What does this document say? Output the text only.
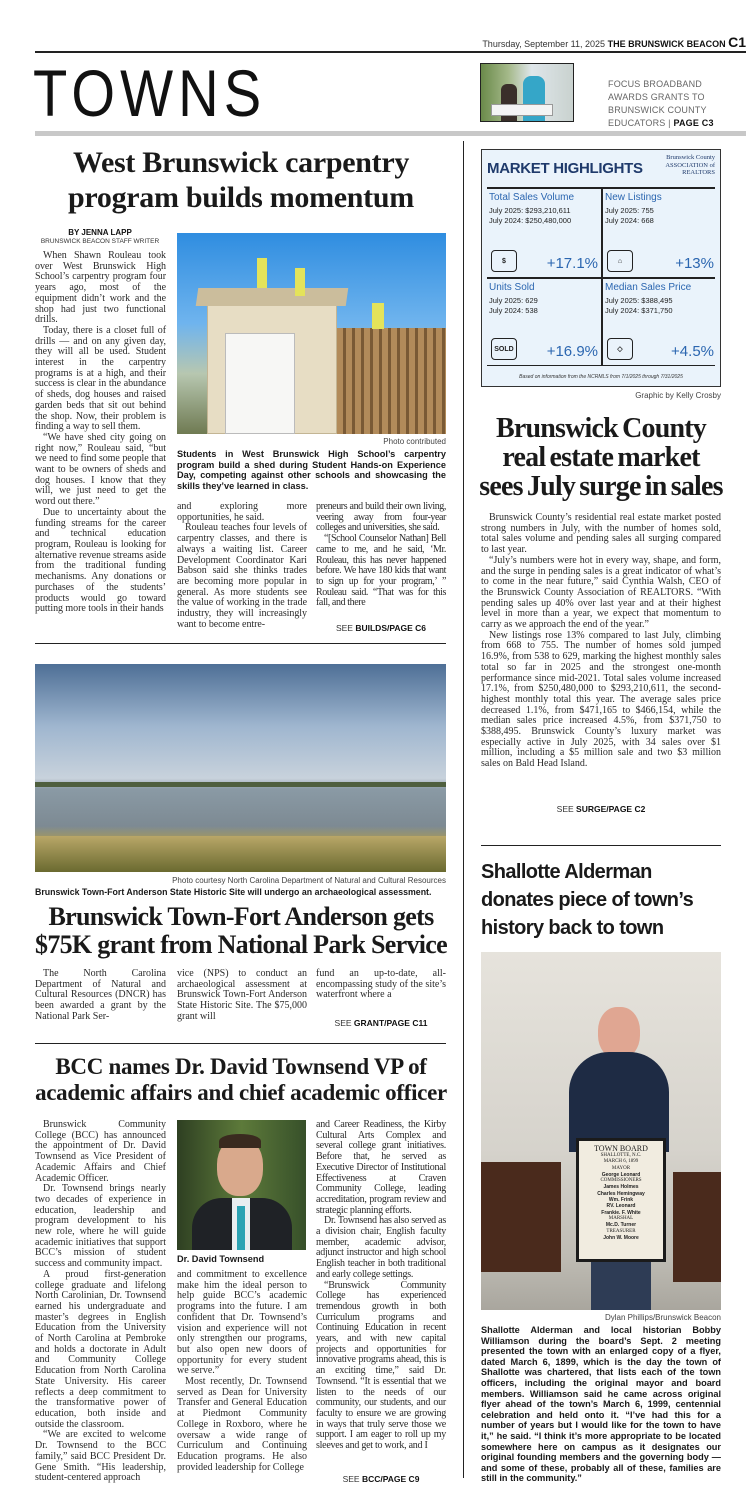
Thursday, September 11, 2025 THE BRUNSWICK BEACON C1
TOWNS	FOCUS BROADBAND AWARDS GRANTS TO BRUNSWICK COUNTY EDUCATORS | PAGE C3
West Brunswick carpentry program builds momentum
BY JENNA LAPP
BRUNSWICK BEACON STAFF WRITER

When Shawn Rouleau took over West Brunswick High School’s carpentry program four years ago, most of the equipment didn’t work and the shop had just two functional drills.

Today, there is a closet full of drills — and on any given day, they will all be used. Student interest in the carpentry programs is at a high, and their success is clear in the abundance of sheds, dog houses and raised garden beds that sit out behind the shop. Now, their problem is finding a way to sell them.

“We have shed city going on right now,” Rouleau said, “but we need to find some people that want to be owners of sheds and dog houses. I know that they will, we just need to get the word out there.”

Due to uncertainty about the funding streams for the career and technical education program, Rouleau is looking for alternative revenue streams aside from the traditional funding mechanisms. Any donations or purchases of the students’ products would go toward putting more tools in their hands

Photo contributed
Students in West Brunswick High School’s carpentry program build a shed during Student Hands-on Experience Day, competing against other schools and showcasing the skills they’ve learned in class.

and exploring more opportunities, he said.

Rouleau teaches four levels of carpentry classes, and there is always a waiting list. Career Development Coordinator Kari Babson said she thinks trades are becoming more popular in general. As more students see the value of working in the trade industry, they will increasingly want to become entre-

preneurs and build their own living, veering away from four-year colleges and universities, she said.

“[School Counselor Nathan] Bell came to me, and he said, ‘Mr. Rouleau, this has never happened before. We have 180 kids that want to sign up for your program,’ ” Rouleau said. “That was for this fall, and there

SEE BUILDS/PAGE C6
Photo courtesy North Carolina Department of Natural and Cultural Resources
Brunswick Town-Fort Anderson State Historic Site will undergo an archaeological assessment.
Brunswick Town-Fort Anderson gets $75K grant from National Park Service

The North Carolina Department of Natural and Cultural Resources (DNCR) has been awarded a grant by the National Park Ser-

vice (NPS) to conduct an archaeological assessment at Brunswick Town-Fort Anderson State Historic Site. The $75,000 grant will

fund an up-to-date, all-encompassing study of the site’s waterfront where a

SEE GRANT/PAGE C11
BCC names Dr. David Townsend VP of academic affairs and chief academic officer

Brunswick Community College (BCC) has announced the appointment of Dr. David Townsend as Vice President of Academic Affairs and Chief Academic Officer.

Dr. Townsend brings nearly two decades of experience in education, leadership and program development to his new role, where he will guide academic initiatives that support BCC’s mission of student success and community impact.

A proud first-generation college graduate and lifelong North Carolinian, Dr. Townsend earned his undergraduate and master’s degrees in English Education from the University of North Carolina at Pembroke and holds a doctorate in Adult and Community College Education from North Carolina State University. His career reflects a deep commitment to the transformative power of education, both inside and outside the classroom.

“We are excited to welcome Dr. Townsend to the BCC family,” said BCC President Dr. Gene Smith. “His leadership, student-centered approach

Dr. David Townsend

and commitment to excellence make him the ideal person to help guide BCC’s academic programs into the future. I am confident that Dr. Townsend’s vision and experience will not only strengthen our programs, but also open new doors of opportunity for every student we serve.”

Most recently, Dr. Townsend served as Dean for University Transfer and General Education at Piedmont Community College in Roxboro, where he oversaw a wide range of Curriculum and Continuing Education programs. He also provided leadership for College

and Career Readiness, the Kirby Cultural Arts Complex and several college grant initiatives. Before that, he served as Executive Director of Institutional Effectiveness at Craven Community College, leading accreditation, program review and strategic planning efforts.

Dr. Townsend has also served as a division chair, English faculty member, academic advisor, adjunct instructor and high school English teacher in both traditional and early college settings.

“Brunswick Community College has experienced tremendous growth in both Curriculum programs and Continuing Education in recent years, and with new capital projects and opportunities for innovative programs ahead, this is an exciting time,” said Dr. Townsend. “It is essential that we listen to the needs of our community, our students, and our faculty to ensure we are growing in ways that truly serve those we support. I am eager to roll up my sleeves and get to work, and I

SEE BCC/PAGE C9
MARKET HIGHLIGHTS
Brunswick County ASSOCIATION of REALTORS
Total Sales Volume
July 2025: $293,210,611
July 2024: $250,480,000
$	+17.1%
New Listings
July 2025: 755
July 2024: 668
⌂	+13%
Units Sold
July 2025: 629
July 2024: 538
SOLD +16.9%
Median Sales Price
July 2025: $388,495
July 2024: $371,750
◇	+4.5%
Based on information from the NCRMLS from 7/1/2025 through 7/31/2025
Graphic by Kelly Crosby
Brunswick County real estate market sees July surge in sales

Brunswick County’s residential real estate market posted strong numbers in July, with the number of homes sold, total sales volume and pending sales all surging compared to last year.

“July’s numbers were hot in every way, shape, and form, and the surge in pending sales is a great indicator of what’s to come in the near future,” said Cynthia Walsh, CEO of the Brunswick County Association of REALTORS. “With pending sales up 40% over last year and at their highest level in more than a year, we expect that momentum to carry as we approach the end of the year.”

New listings rose 13% compared to last July, climbing from 668 to 755. The number of homes sold jumped 16.9%, from 538 to 629, marking the highest monthly sales total so far in 2025 and the strongest one-month performance since mid-2021. Total sales volume increased 17.1%, from $250,480,000 to $293,210,611, the second-highest monthly total this year. The average sales price decreased 1.1%, from $471,165 to $466,154, while the median sales price increased 4.5%, from $371,750 to $388,495. Brunswick County’s luxury market was especially active in July 2025, with 34 sales over $1 million, including a $5 million sale and two $3 million sales on Bald Head Island.

SEE SURGE/PAGE C2
Shallotte Alderman donates piece of town’s history back to town
TOWN BOARD
SHALLOTTE, N.C.
MARCH 6, 1899
MAYOR
George Leonard
COMMISSIONERS
James Holmes
Charles Hemingway
Wm. Frink
RV. Leonard
Frankie. F. White
MARSHAL
Mc.D. Turner
TREASURER
John W. Moore
Dylan Phillips/Brunswick Beacon
Shallotte Alderman and local historian Bobby Williamson during the board’s Sept. 2 meeting presented the town with an enlarged copy of a flyer, dated March 6, 1899, which is the day the town of Shallotte was chartered, that lists each of the town officers, including the original mayor and board members. Williamson said he came across original flyer ahead of the town’s March 6, 1999, centennial celebration and held onto it. “I’ve had this for a number of years but I would like for the town to have it,” he said. “I think it’s more appropriate to be located somewhere here on campus as it designates our original founding members and the governing body — and some of these, probably all of these, families are still in the community.”
